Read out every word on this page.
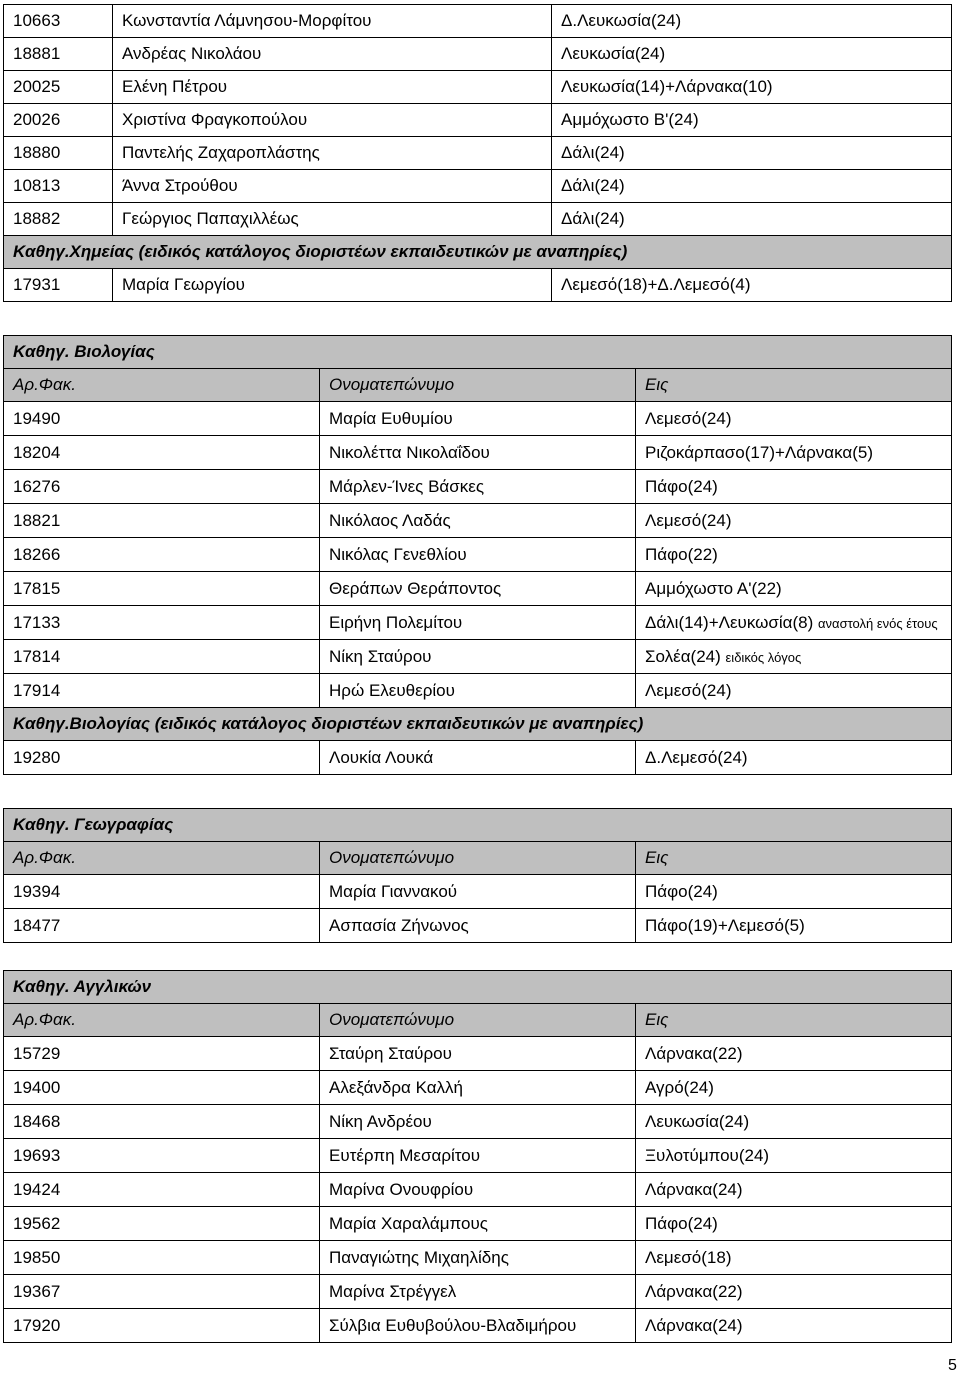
10663	Κωνσταντία Λάμνησου-Μορφίτου	Δ.Λευκωσία(24)
18881	Ανδρέας Νικολάου	Λευκωσία(24)
20025	Ελένη Πέτρου	Λευκωσία(14)+Λάρνακα(10)
20026	Χριστίνα Φραγκοπούλου	Αμμόχωστο Β'(24)
18880	Παντελής Ζαχαροπλάστης	Δάλι(24)
10813	Άννα Στρούθου	Δάλι(24)
18882	Γεώργιος Παπαχιλλέως	Δάλι(24)
Καθηγ.Χημείας (ειδικός κατάλογος διοριστέων εκπαιδευτικών με αναπηρίες)		
17931	Μαρία Γεωργίου	Λεμεσό(18)+Δ.Λεμεσό(4)

Καθηγ. Βιολογίας		
Αρ.Φακ.	Ονοματεπώνυμο	Εις
19490	Μαρία Ευθυμίου	Λεμεσό(24)
18204	Νικολέττα Νικολαΐδου	Ριζοκάρπασο(17)+Λάρνακα(5)
16276	Μάρλεν-Ίνες Βάσκες	Πάφο(24)
18821	Νικόλαος Λαδάς	Λεμεσό(24)
18266	Νικόλας Γενεθλίου	Πάφο(22)
17815	Θεράπων Θεράποντος	Αμμόχωστο Α'(22)
17133	Ειρήνη Πολεμίτου	Δάλι(14)+Λευκωσία(8) αναστολή ενός έτους
17814	Νίκη Σταύρου	Σολέα(24) ειδικός λόγος
17914	Ηρώ Ελευθερίου	Λεμεσό(24)
Καθηγ.Βιολογίας (ειδικός κατάλογος διοριστέων εκπαιδευτικών με αναπηρίες)		
19280	Λουκία Λουκά	Δ.Λεμεσό(24)
Καθηγ. Γεωγραφίας		
Αρ.Φακ.	Ονοματεπώνυμο	Εις
19394	Μαρία Γιαννακού	Πάφο(24)
18477	Ασπασία Ζήνωνος	Πάφο(19)+Λεμεσό(5)
Καθηγ. Αγγλικών		
Αρ.Φακ.	Ονοματεπώνυμο	Εις
15729	Σταύρη Σταύρου	Λάρνακα(22)
19400	Αλεξάνδρα Καλλή	Αγρό(24)
18468	Νίκη Ανδρέου	Λευκωσία(24)
19693	Ευτέρπη Μεσαρίτου	Ξυλοτύμπου(24)
19424	Μαρίνα Ονουφρίου	Λάρνακα(24)
19562	Μαρία Χαραλάμπους	Πάφο(24)
19850	Παναγιώτης Μιχαηλίδης	Λεμεσό(18)
19367	Μαρίνα Στρέγγελ	Λάρνακα(22)
17920	Σύλβια Ευθυβούλου-Βλαδιμήρου	Λάρνακα(24)
5
